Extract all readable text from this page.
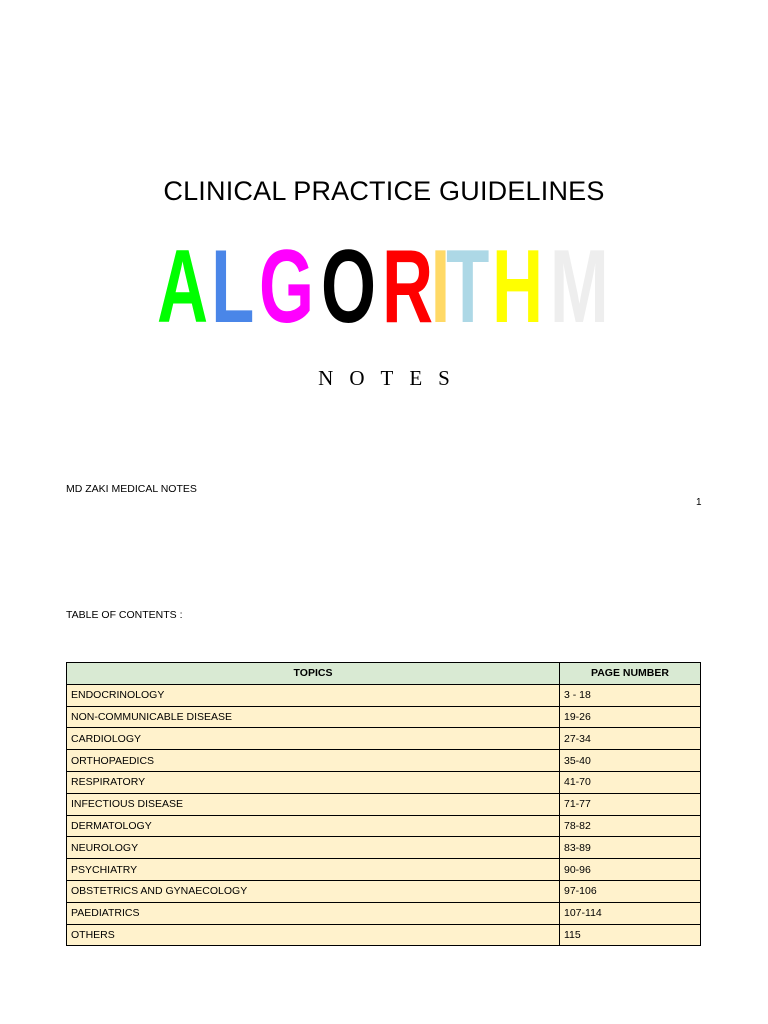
CLINICAL PRACTICE GUIDELINES
ALGORITHM
NOTES
MD ZAKI MEDICAL NOTES
1
TABLE OF CONTENTS :
TOPICS	PAGE NUMBER
ENDOCRINOLOGY	3 - 18
NON-COMMUNICABLE DISEASE	19-26
CARDIOLOGY	27-34
ORTHOPAEDICS	35-40
RESPIRATORY	41-70
INFECTIOUS DISEASE	71-77
DERMATOLOGY	78-82
NEUROLOGY	83-89
PSYCHIATRY	90-96
OBSTETRICS AND GYNAECOLOGY	97-106
PAEDIATRICS	107-114
OTHERS	115
